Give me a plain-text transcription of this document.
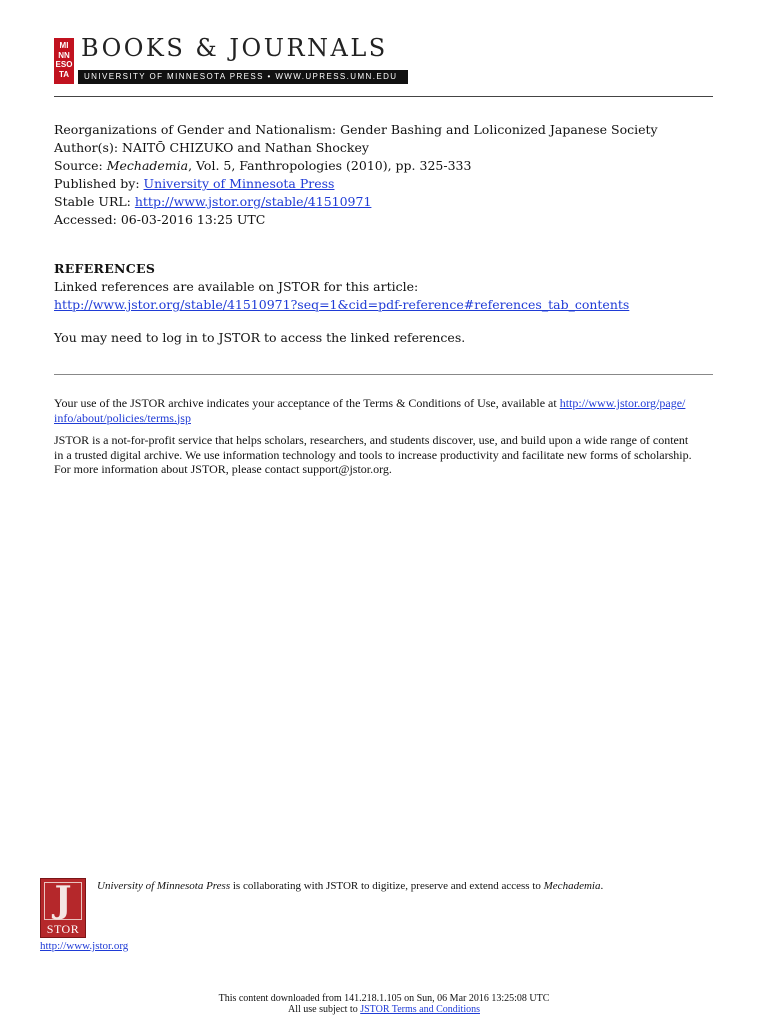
MI
NN
ESO
TA
BOOKS & JOURNALS
UNIVERSITY OF MINNESOTA PRESS • WWW.UPRESS.UMN.EDU
Reorganizations of Gender and Nationalism: Gender Bashing and Loliconized Japanese Society
Author(s): NAITŌ CHIZUKO and Nathan Shockey
Source: Mechademia, Vol. 5, Fanthropologies (2010), pp. 325-333
Published by: University of Minnesota Press
Stable URL: http://www.jstor.org/stable/41510971
Accessed: 06-03-2016 13:25 UTC
REFERENCES
Linked references are available on JSTOR for this article:
http://www.jstor.org/stable/41510971?seq=1&cid=pdf-reference#references_tab_contents
You may need to log in to JSTOR to access the linked references.

Your use of the JSTOR archive indicates your acceptance of the Terms & Conditions of Use, available at http://www.jstor.org/page/
info/about/policies/terms.jsp

JSTOR is a not-for-profit service that helps scholars, researchers, and students discover, use, and build upon a wide range of content
in a trusted digital archive. We use information technology and tools to increase productivity and facilitate new forms of scholarship.
For more information about JSTOR, please contact support@jstor.org.

J
STOR
http://www.jstor.org
University of Minnesota Press is collaborating with JSTOR to digitize, preserve and extend access to Mechademia.
This content downloaded from 141.218.1.105 on Sun, 06 Mar 2016 13:25:08 UTC
All use subject to JSTOR Terms and Conditions
